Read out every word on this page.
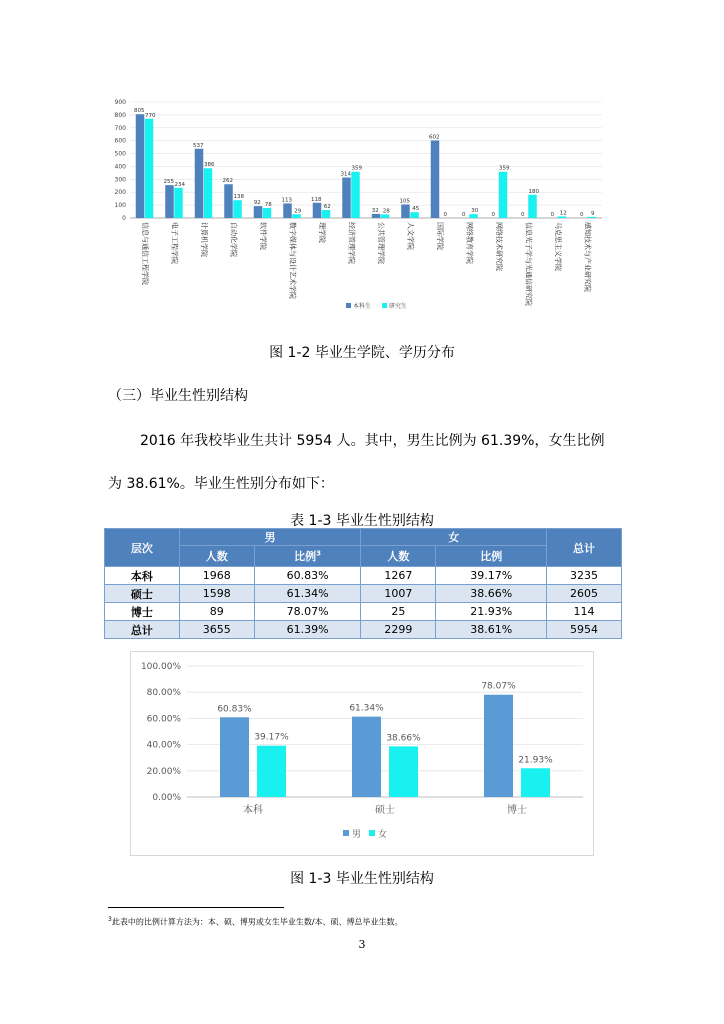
0
100
200
300
400
500
600
700
800
900
805
770
信息与通信工程学院
255 234
电子工程学院
537
386
计算机学院
262
138
自动化学院
92 78
软件学院
113
29
数字媒体与设计艺术学院
118
62
理学院
314
359
经济管理学院
32 28
公共管理学院
105
45
人文学院
602
0
国际学院
0
30
网络教育学院
0
359
网络技术研究院
0
180
信息光子学与光通信研究院
0 12
马克思主义学院
0 9
感知技术与产业研究院
本科生	研究生
图 1-2 毕业生学院、学历分布
（三）毕业生性别结构
2016 年我校毕业生共计 5954 人。其中，男生比例为 61.39%，女生比例
为 38.61%。毕业生性别分布如下：
表 1-3 毕业生性别结构
层次	男		女		总计
	人数	比例$^3$	人数	比例	
本科	1968	60.83%	1267	39.17%	3235
硕士	1598	61.34%	1007	38.66%	2605
博士	89	78.07%	25	21.93%	114
总计	3655	61.39%	2299	38.61%	5954
0.00%
20.00%
40.00%
60.00%
80.00%
100.00%
60.83%
39.17%
本科
61.34%
38.66%
硕士
78.07%
21.93%
博士
男 女
图 1-3 毕业生性别结构
$^3$此表中的比例计算方法为：本、硕、博男或女生毕业生数/本、硕、博总毕业生数。
3
